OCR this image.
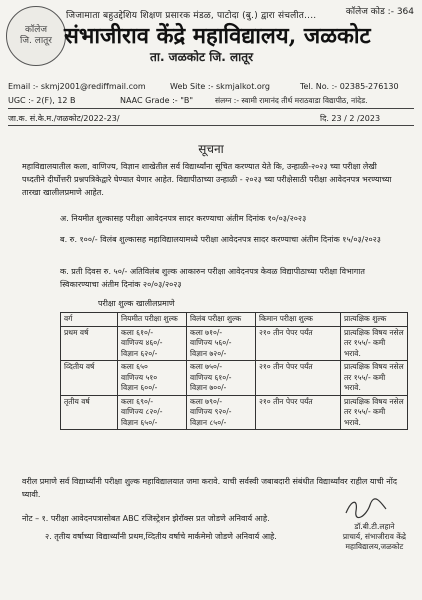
कॉलेज
जि. लातूर
कॉलेज कोड :- 364
जिजामाता बहुउद्देशिय शिक्षण प्रसारक मंडळ, पाटोदा (बु.) द्वारा संचलीत....
संभाजीराव केंद्रे महाविद्यालय, जळकोट
ता. जळकोट जि. लातूर
Email :- skmj2001@rediffmail.com	Web Site :- skmjalkot.org	Tel. No. :- 02385-276130
UGC :- 2(F), 12 B	NAAC Grade :- "B"	संलग्न :- स्वामी रामानंद तीर्थ मराठवाडा विद्यापीठ, नांदेड.
जा.क. सं.के.म./जळकोट/2022-23/	दि. 23 / 2 /2023
सूचना
महाविद्यालयातील कला, वाणिज्य, विज्ञान शाखेतील सर्व विद्यार्थ्यांना सूचित करण्यात येते कि, उन्हाळी-२०२३ च्या परीक्षा लेखी पध्दतीने दीर्घोत्तरी प्रश्नपत्रिकेद्वारे घेण्यात येणार आहेत. विद्यापीठाच्या उन्हाळी - २०२३ च्या परीक्षेसाठी परीक्षा आवेदनपत्र भरण्याच्या तारखा खालीलप्रमाणे आहेत.
अ. नियमीत शुल्कासह परीक्षा आवेदनपत्र सादर करण्याचा अंतीम दिनांक १०/०३/२०२३
ब. रु. १००/- विलंब शुल्कासह महाविद्यालयामध्ये परीक्षा आवेदनपत्र सादर करण्याचा अंतीम दिनांक १५/०३/२०२३
क. प्रती दिवस रु. ५०/- अतिविलंब शुल्क आकारुन परीक्षा आवेदनपत्र केवळ विद्यापीठाच्या परीक्षा विभागात स्विकारण्याचा अंतीम दिनांक २०/०३/२०२३
परीक्षा शुल्क खालीलप्रमाणे
वर्ग	नियमीत परीक्षा शुल्क	विलंब परीक्षा शुल्क	किमान परीक्षा शुल्क	प्रात्यक्षिक शुल्क
प्रथम वर्ष	कला ६१०/-
वाणिज्य ४६०/-
विज्ञान ६२०/-	कला ७१०/-
वाणिज्य ५६०/-
विज्ञान ७२०/-	२१० तीन पेपर पर्यंत	प्रात्यक्षिक विषय नसेल तर १५५/- कमी भरावे.
व्दितीय वर्ष	कला ६५०
वाणिज्य ५१०
विज्ञान ६००/-	कला ७५०/-
वाणिज्य ६१०/-
विज्ञान ७००/-	२१० तीन पेपर पर्यंत	प्रात्यक्षिक विषय नसेल तर १५५/- कमी भरावे.
तृतीय वर्ष	कला ६९०/-
वाणिज्य ८२०/-
विज्ञान ६५०/-	कला ७९०/-
वाणिज्य ९२०/-
विज्ञान ८५०/-	२१० तीन पेपर पर्यंत	प्रात्यक्षिक विषय नसेल तर १५५/- कमी भरावे.
वरील प्रमाणे सर्व विद्यार्थ्यांनी परीक्षा शुल्क महाविद्यालयात जमा करावे. याची सर्वस्वी जबाबदारी संबंधीत विद्यार्थ्यांवर राहील याची नोंद घ्यावी.
नोट – १. परीक्षा आवेदनपत्रासोबत ABC रजिस्ट्रेशन झेरॉक्स प्रत जोडणे अनिवार्य आहे.
२. तृतीय वर्षाच्या विद्यार्थ्यांनी प्रथम,व्दितीय वर्षाचे मार्कमेमो जोडणे अनिवार्य आहे.
डॉ.बी.टी.लहाने
प्राचार्य, संभाजीराव केंद्रे
महाविद्यालय,जळकोट
